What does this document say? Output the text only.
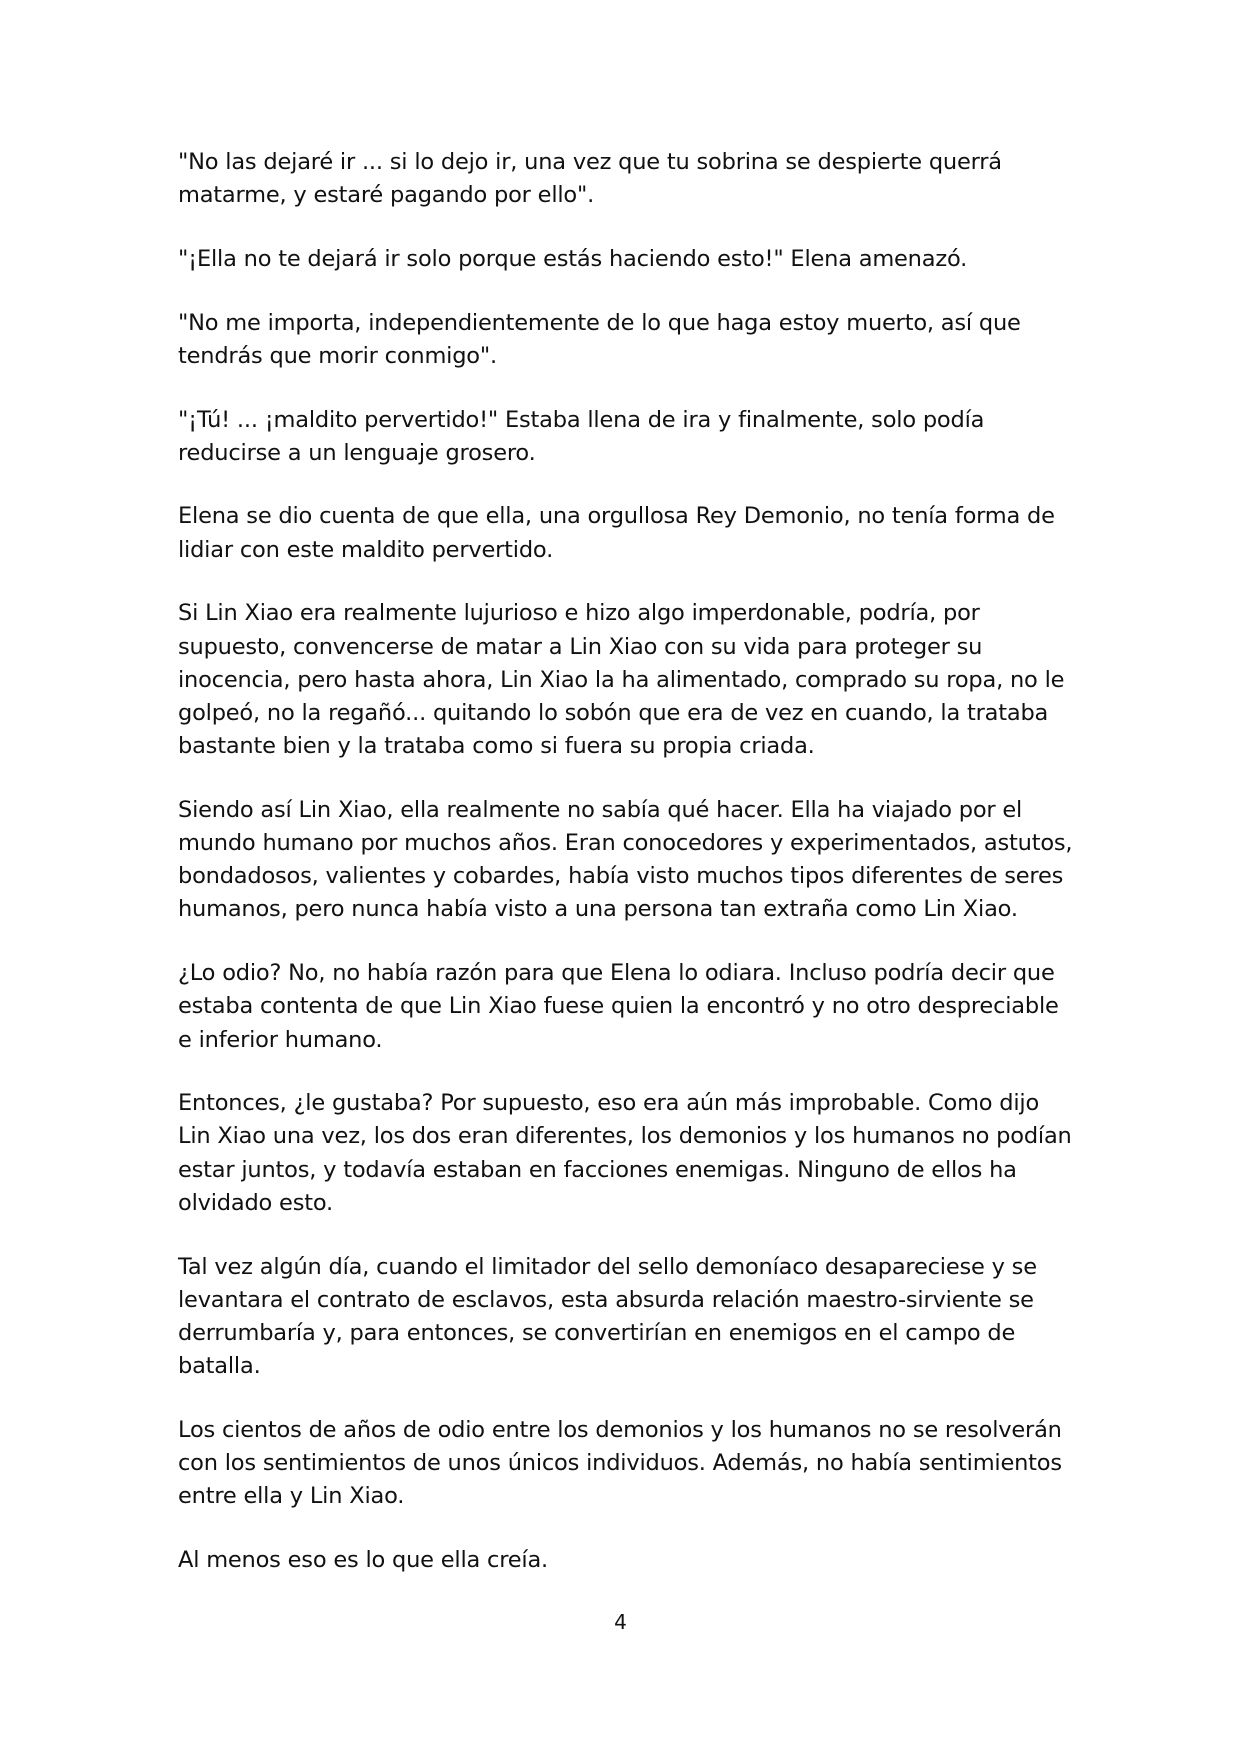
"No las dejaré ir ... si lo dejo ir, una vez que tu sobrina se despierte querrá
matarme, y estaré pagando por ello".

"¡Ella no te dejará ir solo porque estás haciendo esto!" Elena amenazó.

"No me importa, independientemente de lo que haga estoy muerto, así que
tendrás que morir conmigo".

"¡Tú! ... ¡maldito pervertido!" Estaba llena de ira y finalmente, solo podía
reducirse a un lenguaje grosero.

Elena se dio cuenta de que ella, una orgullosa Rey Demonio, no tenía forma de
lidiar con este maldito pervertido.

Si Lin Xiao era realmente lujurioso e hizo algo imperdonable, podría, por
supuesto, convencerse de matar a Lin Xiao con su vida para proteger su
inocencia, pero hasta ahora, Lin Xiao la ha alimentado, comprado su ropa, no le
golpeó, no la regañó... quitando lo sobón que era de vez en cuando, la trataba
bastante bien y la trataba como si fuera su propia criada.

Siendo así Lin Xiao, ella realmente no sabía qué hacer. Ella ha viajado por el
mundo humano por muchos años. Eran conocedores y experimentados, astutos,
bondadosos, valientes y cobardes, había visto muchos tipos diferentes de seres
humanos, pero nunca había visto a una persona tan extraña como Lin Xiao.

¿Lo odio? No, no había razón para que Elena lo odiara. Incluso podría decir que
estaba contenta de que Lin Xiao fuese quien la encontró y no otro despreciable
e inferior humano.

Entonces, ¿le gustaba? Por supuesto, eso era aún más improbable. Como dijo
Lin Xiao una vez, los dos eran diferentes, los demonios y los humanos no podían
estar juntos, y todavía estaban en facciones enemigas. Ninguno de ellos ha
olvidado esto.

Tal vez algún día, cuando el limitador del sello demoníaco desapareciese y se
levantara el contrato de esclavos, esta absurda relación maestro-sirviente se
derrumbaría y, para entonces, se convertirían en enemigos en el campo de
batalla.

Los cientos de años de odio entre los demonios y los humanos no se resolverán
con los sentimientos de unos únicos individuos. Además, no había sentimientos
entre ella y Lin Xiao.

Al menos eso es lo que ella creía.

4
